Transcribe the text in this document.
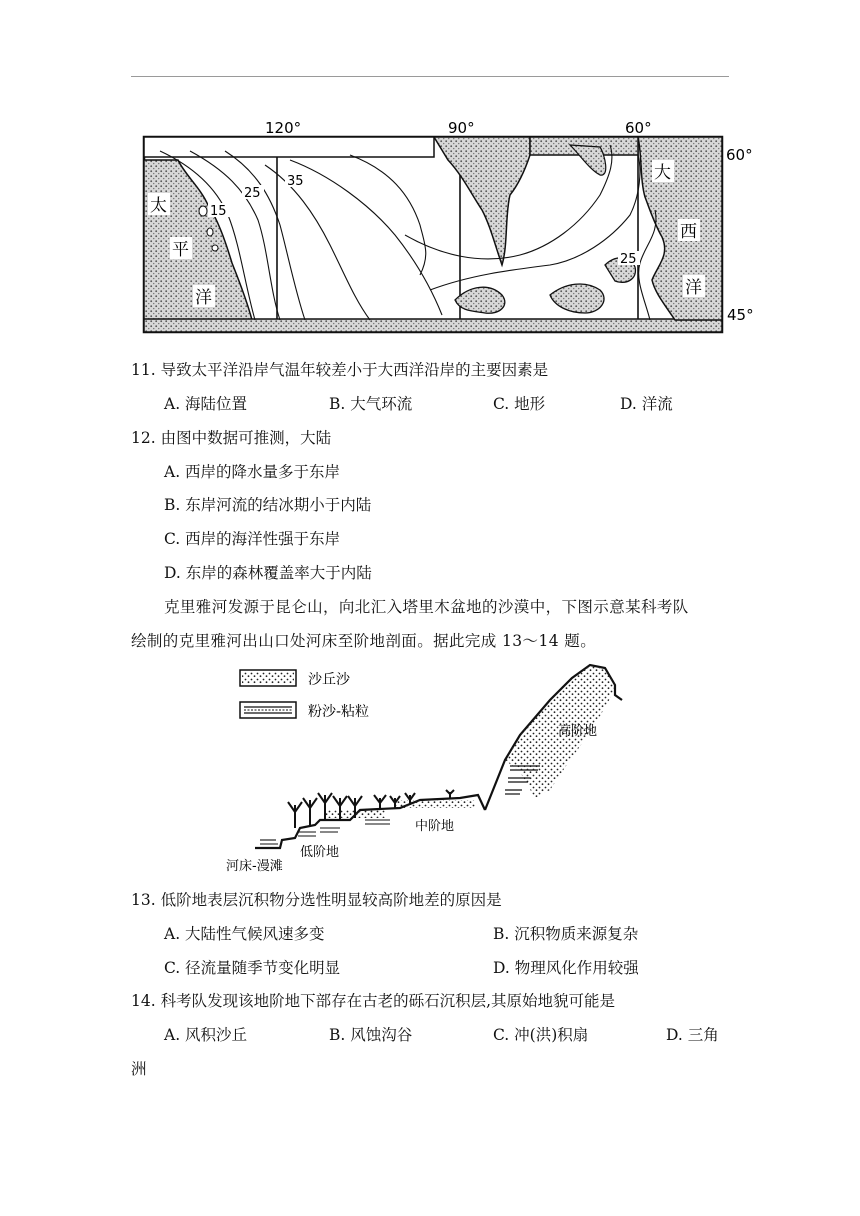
120°	90°	60°
60°
45°
15
25
35
25
太
平
洋
大
西
洋
11. 导致太平洋沿岸气温年较差小于大西洋沿岸的主要因素是
A. 海陆位置	B. 大气环流	C. 地形	D. 洋流
12. 由图中数据可推测，大陆
A. 西岸的降水量多于东岸
B. 东岸河流的结冰期小于内陆
C. 西岸的海洋性强于东岸
D. 东岸的森林覆盖率大于内陆
克里雅河发源于昆仑山，向北汇入塔里木盆地的沙漠中，下图示意某科考队
绘制的克里雅河出山口处河床至阶地剖面。据此完成 13～14 题。
沙丘沙
粉沙-粘粒
高阶地
中阶地
低阶地
河床-漫滩
13. 低阶地表层沉积物分选性明显较高阶地差的原因是
A. 大陆性气候风速多变	B. 沉积物质来源复杂
C. 径流量随季节变化明显	D. 物理风化作用较强
14. 科考队发现该地阶地下部存在古老的砾石沉积层,其原始地貌可能是
A. 风积沙丘	B. 风蚀沟谷	C. 冲(洪)积扇	D. 三角
洲
